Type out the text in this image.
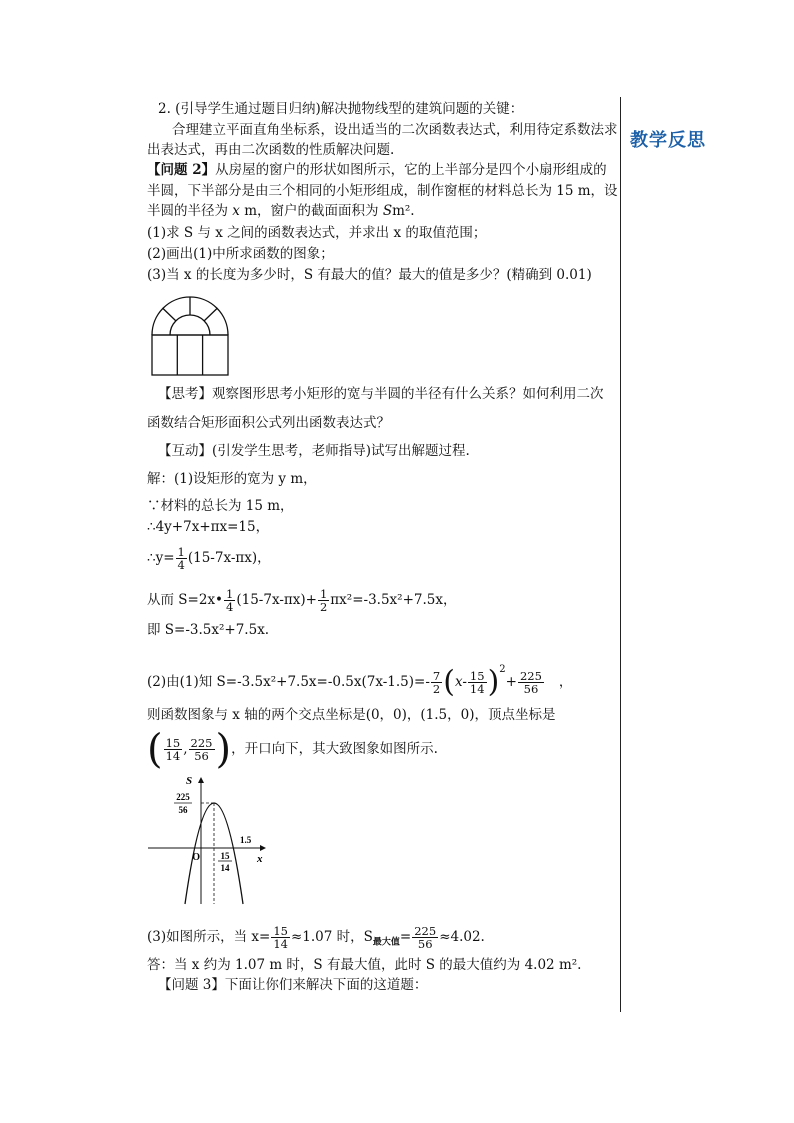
教学反思
2. (引导学生通过题目归纳)解决抛物线型的建筑问题的关键：
合理建立平面直角坐标系，设出适当的二次函数表达式，利用待定系数法求
出表达式，再由二次函数的性质解决问题.
【问题 2】从房屋的窗户的形状如图所示，它的上半部分是四个小扇形组成的
半圆，下半部分是由三个相同的小矩形组成，制作窗框的材料总长为 15 m，设
半圆的半径为 x m，窗户的截面面积为 Sm².
(1)求 S 与 x 之间的函数表达式，并求出 x 的取值范围；
(2)画出(1)中所求函数的图象；
(3)当 x 的长度为多少时，S 有最大的值？最大的值是多少？(精确到 0.01)
【思考】观察图形思考小矩形的宽与半圆的半径有什么关系？如何利用二次
函数结合矩形面积公式列出函数表达式？
【互动】(引发学生思考，老师指导)试写出解题过程.
解：(1)设矩形的宽为 y m，
∵材料的总长为 15 m，
∴4y+7x+πx=15，
∴y= $\frac{1}{4} (15-7x-\pi x)$，
从而 S=2x• $\frac{1}{4} (15-7x-\pi x)+ \frac{1}{2} \pi x^2=-3.5x^2+7.5x$，
即 S=-3.5x²+7.5x.
(2)由(1)知 $S=-3.5x^2+7.5x=-0.5x(7x-1.5)=- \frac{7}{2} (x- \frac{15}{14} )^2+ \frac{225}{56}$ ，
则函数图象与 x 轴的两个交点坐标是(0，0)，(1.5，0)，顶点坐标是
( $\frac{15}{14}$ , $\frac{225}{56}$ )，开口向下，其大致图象如图所示.
S
x
O
225
56
15
14
1.5
(3)如图所示，当 $x= \frac{15}{14} \approx 1.07$ 时，$S_{最大值}= \frac{225}{56} \approx 4.02$.
答：当 x 约为 1.07 m 时，S 有最大值，此时 S 的最大值约为 4.02 m².
【问题 3】下面让你们来解决下面的这道题：
